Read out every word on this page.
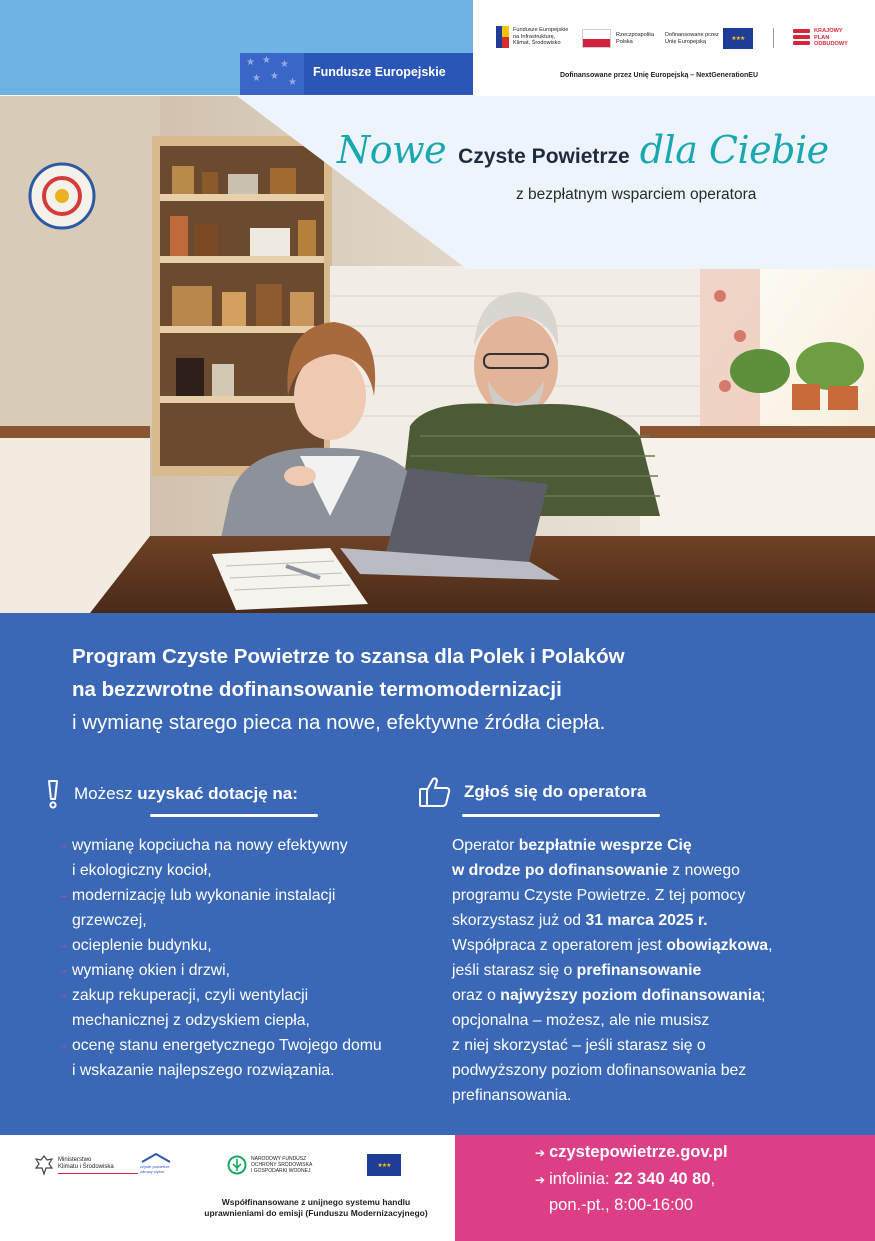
★ ★ ★
★ ★
★
Fundusze Europejskie
Fundusze Europejskie
na Infrastrukturę,
Klimat, Środowisko
Rzeczpospolita
Polska
Dofinansowane przez
Unię Europejską	★★★
KRAJOWY
PLAN
ODBUDOWY
Dofinansowane przez Unię Europejską – NextGenerationEU
Nowe Czyste Powietrze dla Ciebie
z bezpłatnym wsparciem operatora
Program Czyste Powietrze to szansa dla Polek i Polaków
na bezzwrotne dofinansowanie termomodernizacji
i wymianę starego pieca na nowe, efektywne źródła ciepła.
Możesz uzyskać dotację na:
→ wymianę kopciucha na nowy efektywny
i ekologiczny kocioł,
→ modernizację lub wykonanie instalacji
grzewczej,
→ ocieplenie budynku,
→ wymianę okien i drzwi,
→ zakup rekuperacji, czyli wentylacji
mechanicznej z odzyskiem ciepła,
→ ocenę stanu energetycznego Twojego domu
i wskazanie najlepszego rozwiązania.
Zgłoś się do operatora
Operator bezpłatnie wesprze Cię
w drodze po dofinansowanie z nowego
programu Czyste Powietrze. Z tej pomocy
skorzystasz już od 31 marca 2025 r.
Współpraca z operatorem jest obowiązkowa,
jeśli starasz się o prefinansowanie
oraz o najwyższy poziom dofinansowania;
opcjonalna – możesz, ale nie musisz
z niej skorzystać – jeśli starasz się o
podwyższony poziom dofinansowania bez
prefinansowania.
Ministerstwo
Klimatu i Środowiska	czyste powietrze
zdrowy wybór
NARODOWY FUNDUSZ
OCHRONY ŚRODOWISKA
I GOSPODARKI WODNEJ
★★★
Współfinansowane z unijnego systemu handlu uprawnieniami do emisji (Funduszu Modernizacyjnego)
➔ czystepowietrze.gov.pl
➔ infolinia: 22 340 40 80,
pon.-pt., 8:00-16:00
